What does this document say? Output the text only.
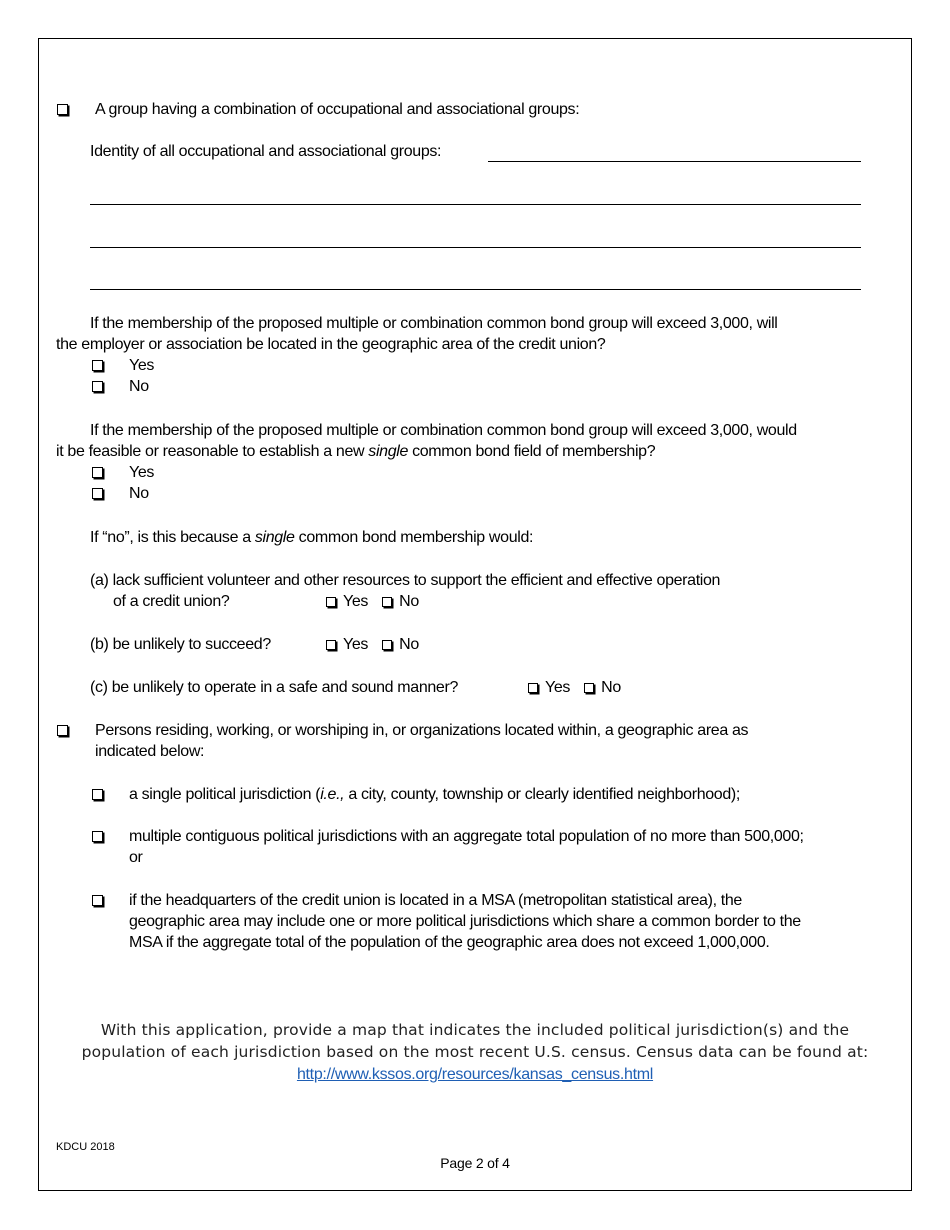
A group having a combination of occupational and associational groups:
Identity of all occupational and associational groups:
If the membership of the proposed multiple or combination common bond group will exceed 3,000, will
the employer or association be located in the geographic area of the credit union?
Yes
No
If the membership of the proposed multiple or combination common bond group will exceed 3,000, would
it be feasible or reasonable to establish a new single common bond field of membership?
Yes
No
If “no”, is this because a single common bond membership would:
(a) lack sufficient volunteer and other resources to support the efficient and effective operation
of a credit union?	Yes No
(b) be unlikely to succeed?	Yes No
(c) be unlikely to operate in a safe and sound manner?	Yes No
Persons residing, working, or worshiping in, or organizations located within, a geographic area as
indicated below:
a single political jurisdiction (i.e., a city, county, township or clearly identified neighborhood);
multiple contiguous political jurisdictions with an aggregate total population of no more than 500,000;
or
if the headquarters of the credit union is located in a MSA (metropolitan statistical area), the
geographic area may include one or more political jurisdictions which share a common border to the
MSA if the aggregate total of the population of the geographic area does not exceed 1,000,000.
With this application, provide a map that indicates the included political jurisdiction(s) and the
population of each jurisdiction based on the most recent U.S. census. Census data can be found at:
http://www.kssos.org/resources/kansas_census.html
KDCU 2018
Page 2 of 4
